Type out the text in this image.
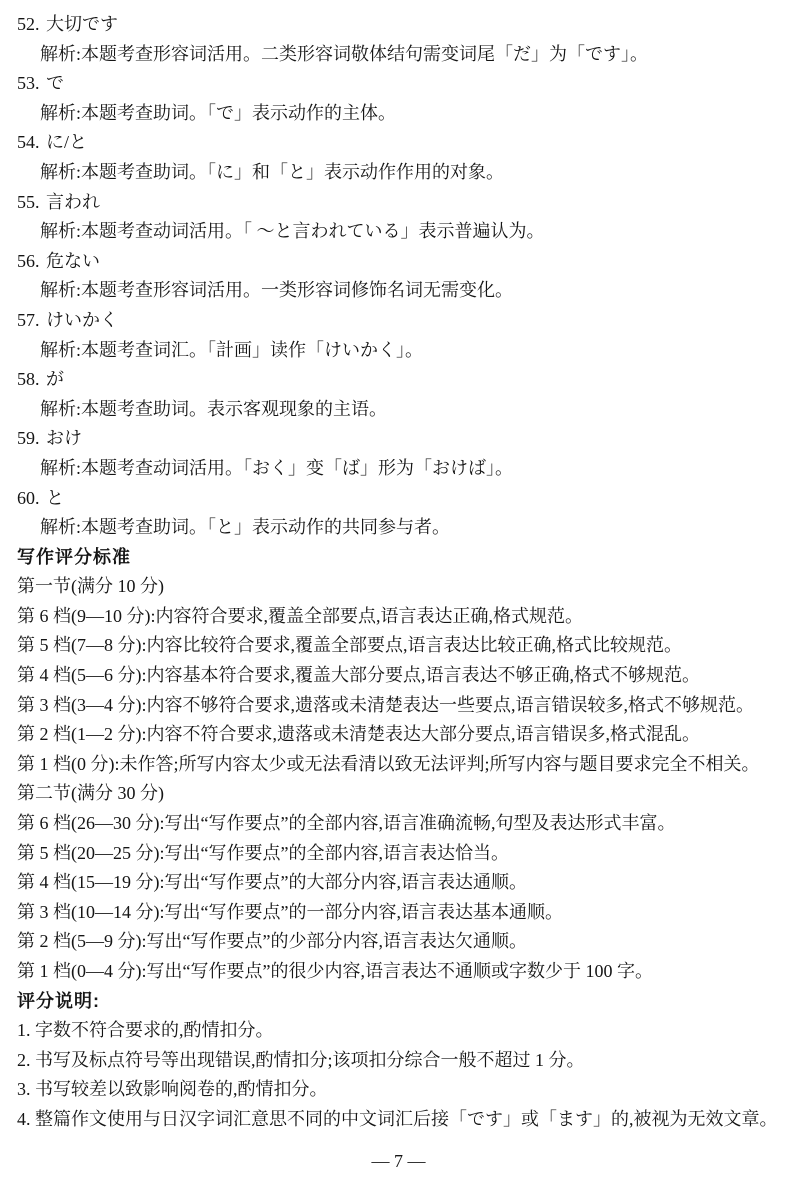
52. 大切です
解析:本题考查形容词活用。二类形容词敬体结句需变词尾「だ」为「です」。
53. で
解析:本题考查助词。「で」表示动作的主体。
54. に/と
解析:本题考查助词。「に」和「と」表示动作作用的对象。
55. 言われ
解析:本题考查动词活用。「 ～と言われている」表示普遍认为。
56. 危ない
解析:本题考查形容词活用。一类形容词修饰名词无需变化。
57. けいかく
解析:本题考查词汇。「計画」读作「けいかく」。
58. が
解析:本题考查助词。表示客观现象的主语。
59. おけ
解析:本题考查动词活用。「おく」变「ば」形为「おけば」。
60. と
解析:本题考查助词。「と」表示动作的共同参与者。
写作评分标准
第一节(满分 10 分)
第 6 档(9—10 分):内容符合要求,覆盖全部要点,语言表达正确,格式规范。
第 5 档(7—8 分):内容比较符合要求,覆盖全部要点,语言表达比较正确,格式比较规范。
第 4 档(5—6 分):内容基本符合要求,覆盖大部分要点,语言表达不够正确,格式不够规范。
第 3 档(3—4 分):内容不够符合要求,遗落或未清楚表达一些要点,语言错误较多,格式不够规范。
第 2 档(1—2 分):内容不符合要求,遗落或未清楚表达大部分要点,语言错误多,格式混乱。
第 1 档(0 分):未作答;所写内容太少或无法看清以致无法评判;所写内容与题目要求完全不相关。
第二节(满分 30 分)
第 6 档(26—30 分):写出“写作要点”的全部内容,语言准确流畅,句型及表达形式丰富。
第 5 档(20—25 分):写出“写作要点”的全部内容,语言表达恰当。
第 4 档(15—19 分):写出“写作要点”的大部分内容,语言表达通顺。
第 3 档(10—14 分):写出“写作要点”的一部分内容,语言表达基本通顺。
第 2 档(5—9 分):写出“写作要点”的少部分内容,语言表达欠通顺。
第 1 档(0—4 分):写出“写作要点”的很少内容,语言表达不通顺或字数少于 100 字。
评分说明:
1. 字数不符合要求的,酌情扣分。
2. 书写及标点符号等出现错误,酌情扣分;该项扣分综合一般不超过 1 分。
3. 书写较差以致影响阅卷的,酌情扣分。
4. 整篇作文使用与日汉字词汇意思不同的中文词汇后接「です」或「ます」的,被视为无效文章。
— 7 —
